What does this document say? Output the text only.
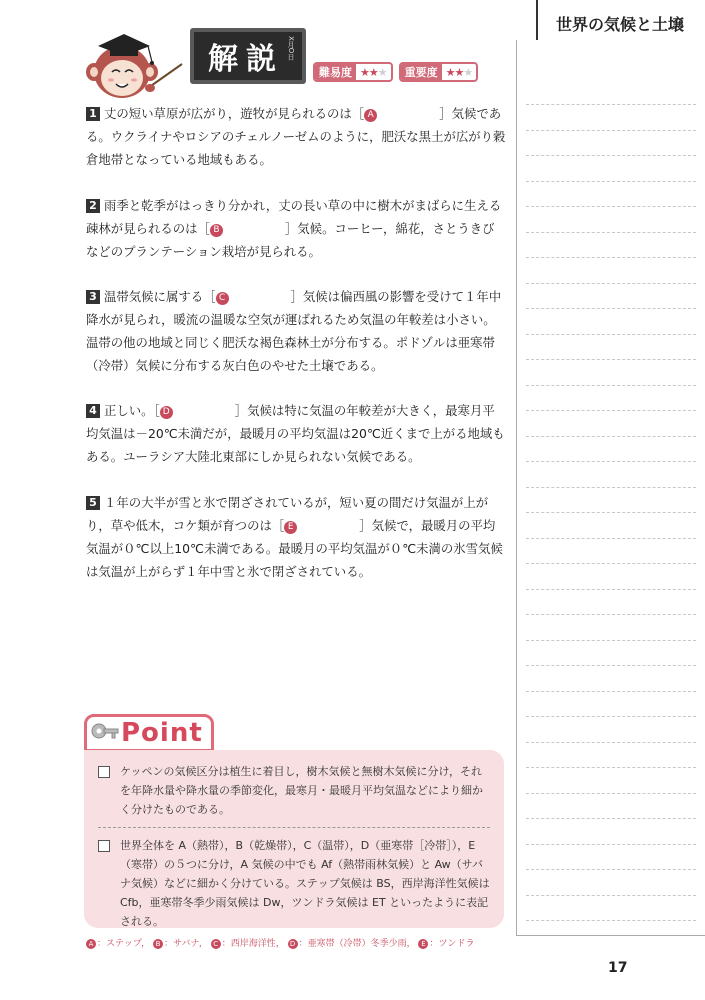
世界の気候と土壌
解説 X月O日
難易度 ★★★	重要度 ★★★
1 丈の短い草原が広がり，遊牧が見られるのは［ A	］気候である。ウクライナやロシアのチェルノーゼムのように，肥沃な黒土が広がり穀倉地帯となっている地域もある。
2 雨季と乾季がはっきり分かれ，丈の長い草の中に樹木がまばらに生える疎林が見られるのは［ B	］気候。コーヒー，綿花，さとうきびなどのプランテーション栽培が見られる。
3 温帯気候に属する［ C	］気候は偏西風の影響を受けて１年中降水が見られ，暖流の温暖な空気が運ばれるため気温の年較差は小さい。温帯の他の地域と同じく肥沃な褐色森林土が分布する。ポドゾルは亜寒帯（冷帯）気候に分布する灰白色のやせた土壌である。
4 正しい。［ D	］気候は特に気温の年較差が大きく，最寒月平均気温は－20℃未満だが，最暖月の平均気温は20℃近くまで上がる地域もある。ユーラシア大陸北東部にしか見られない気候である。
5 １年の大半が雪と氷で閉ざされているが，短い夏の間だけ気温が上がり，草や低木，コケ類が育つのは［ E	］気候で，最暖月の平均気温が０℃以上10℃未満である。最暖月の平均気温が０℃未満の氷雪気候は気温が上がらず１年中雪と氷で閉ざされている。
Point
ケッペンの気候区分は植生に着目し，樹木気候と無樹木気候に分け，それを年降水量や降水量の季節変化，最寒月・最暖月平均気温などにより細かく分けたものである。
世界全体を A（熱帯），B（乾燥帯），C（温帯），D（亜寒帯［冷帯］），E（寒帯）の５つに分け，A 気候の中でも Af（熱帯雨林気候）と Aw（サバナ気候）などに細かく分けている。ステップ気候は BS，西岸海洋性気候は Cfb，亜寒帯冬季少雨気候は Dw，ツンドラ気候は ET といったように表記される。
A ：ステップ， B ：サバナ， C ：西岸海洋性， D ：亜寒帯（冷帯）冬季少雨， E ：ツンドラ
17
